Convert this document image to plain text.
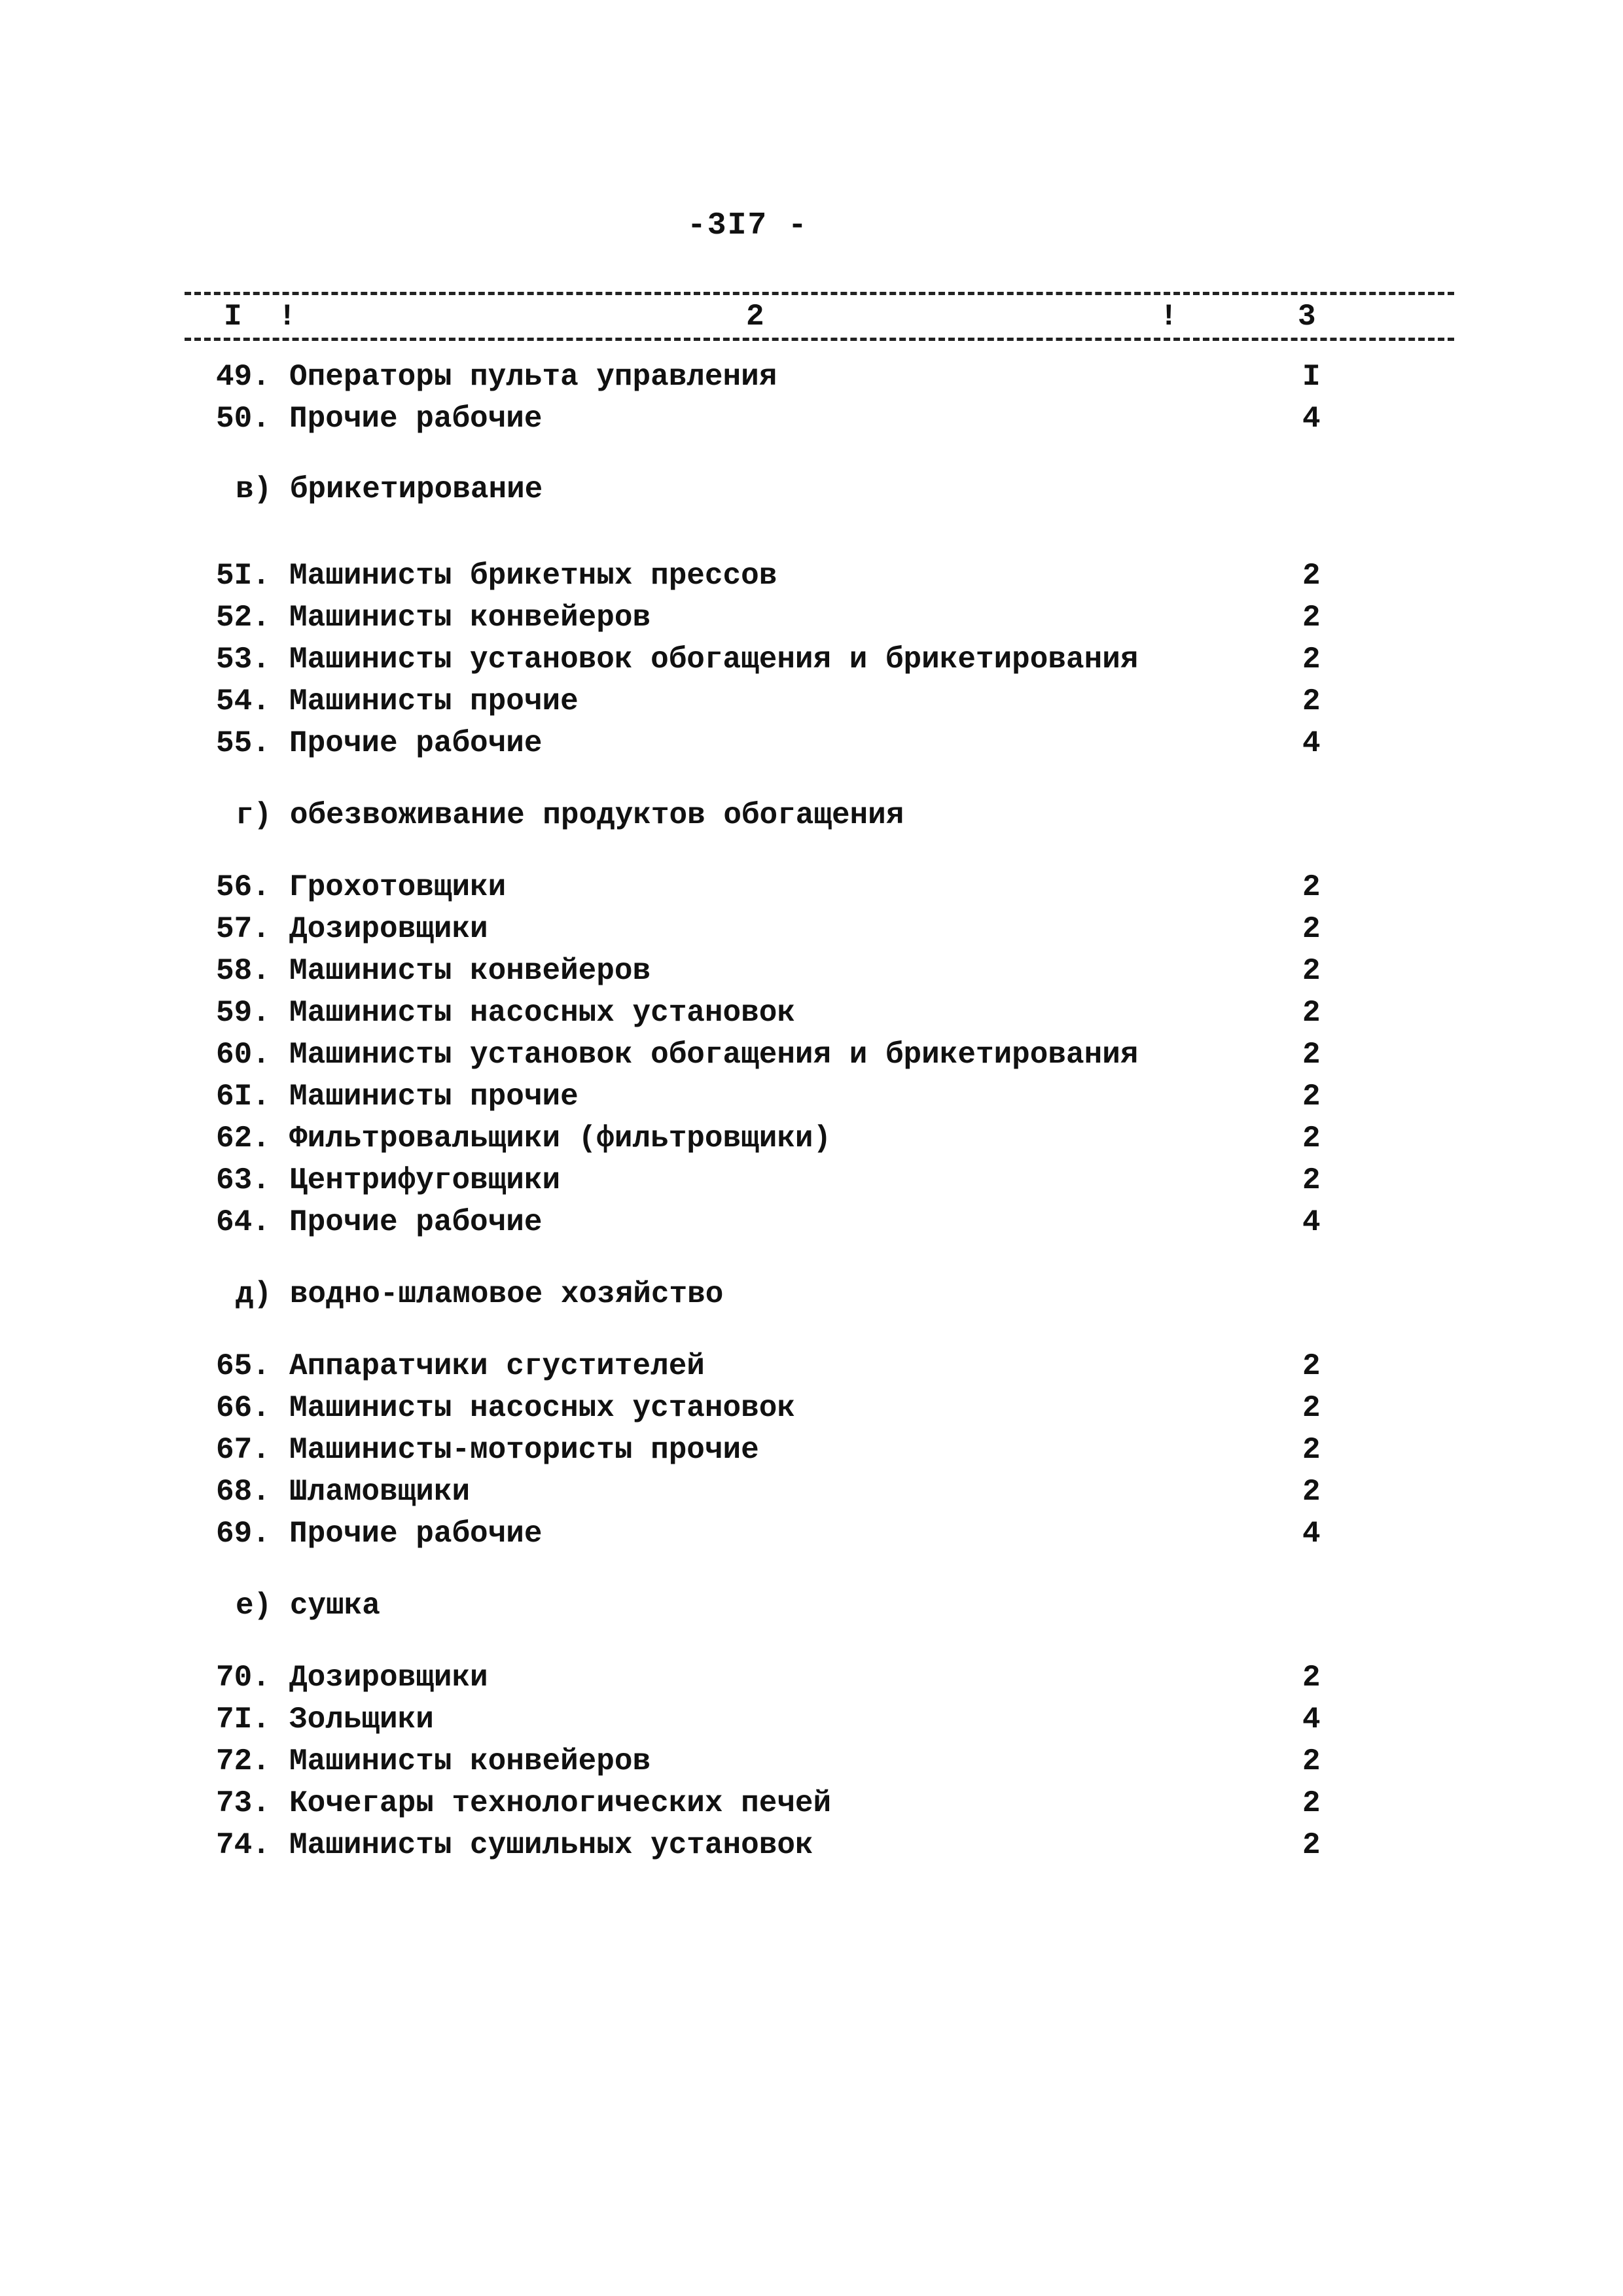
-3I7 -
I !	2	!	3
49. Операторы пульта управления	I
50. Прочие рабочие	4
в) брикетирование
5I. Машинисты брикетных прессов	2
52. Машинисты конвейеров	2
53. Машинисты установок обогащения и брикетирования	2
54. Машинисты прочие	2
55. Прочие рабочие	4
г) обезвоживание продуктов обогащения
56. Грохотовщики	2
57. Дозировщики	2
58. Машинисты конвейеров	2
59. Машинисты насосных установок	2
60. Машинисты установок обогащения и брикетирования	2
6I. Машинисты прочие	2
62. Фильтровальщики (фильтровщики)	2
63. Центрифуговщики	2
64. Прочие рабочие	4
д) водно-шламовое хозяйство
65. Аппаратчики сгустителей	2
66. Машинисты насосных установок	2
67. Машинисты-мотористы прочие	2
68. Шламовщики	2
69. Прочие рабочие	4
е) сушка
70. Дозировщики	2
7I. Зольщики	4
72. Машинисты конвейеров	2
73. Кочегары технологических печей	2
74. Машинисты сушильных установок	2
